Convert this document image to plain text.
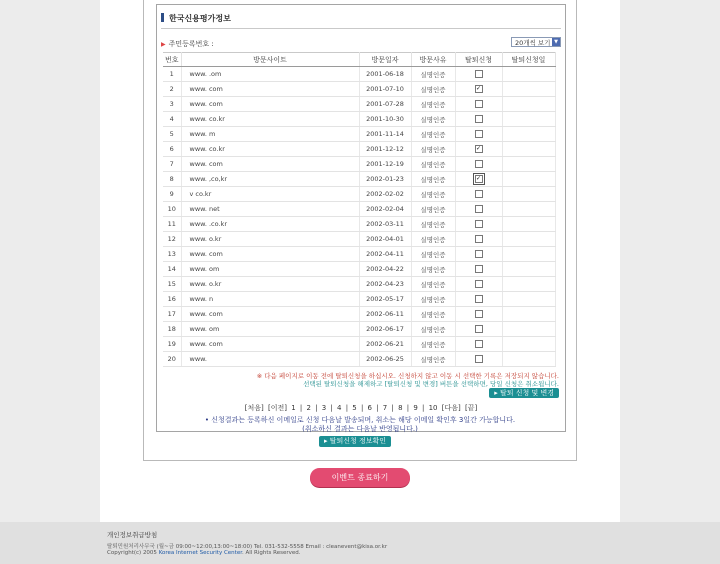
한국신용평가정보
▶ 주민등록번호 :	20개씩 보기 ▼
번호	방문사이트	방문일자	방문사유	탈퇴신청	탈퇴신청일
1	www. .om	2001-06-18	실명인증		
2	www. com	2001-07-10	실명인증	✓	
3	www. com	2001-07-28	실명인증		
4	www. co.kr	2001-10-30	실명인증		
5	www. m	2001-11-14	실명인증		
6	www. co.kr	2001-12-12	실명인증	✓	
7	www. com	2001-12-19	실명인증		
8	www. ,co,kr	2002-01-23	실명인증	✓	
9	v co.kr	2002-02-02	실명인증		
10	www. net	2002-02-04	실명인증		
11	www. .co.kr	2002-03-11	실명인증		
12	www. o.kr	2002-04-01	실명인증		
13	www. com	2002-04-11	실명인증		
14	www. om	2002-04-22	실명인증		
15	www. o.kr	2002-04-23	실명인증		
16	www. n	2002-05-17	실명인증		
17	www. com	2002-06-11	실명인증		
18	www. om	2002-06-17	실명인증		
19	www. com	2002-06-21	실명인증		
20	www.	2002-06-25	실명인증		
※ 다음 페이지로 이동 전에 탈퇴신청을 하십시오. 신청하지 않고 이동 시 선택한 기록은 저장되지 않습니다.
선택된 탈퇴신청을 해제하고 [탈퇴신청 및 변경] 버튼을 선택하면, 당일 신청은 취소됩니다.
▸ 탈퇴 신청 및 변경
[처음] [이전] 1 | 2 | 3 | 4 | 5 | 6 | 7 | 8 | 9 | 10 [다음] [끝]
• 신청결과는 등록하신 이메일로 신청 다음날 발송되며, 취소는 해당 이메일 확인후 3일간 가능합니다.
(취소하신 결과는 다음날 반영됩니다.)
▸ 탈퇴신청 정보확인
이벤트 종료하기
개인정보취급방침
탈퇴민원처리사무국 (월~금 09:00~12:00,13:00~18:00) Tel. 031-532-5558 Email : cleanevent@kisa.or.kr
Copyright(c) 2005 Korea Internet Security Center. All Rights Reserved.
